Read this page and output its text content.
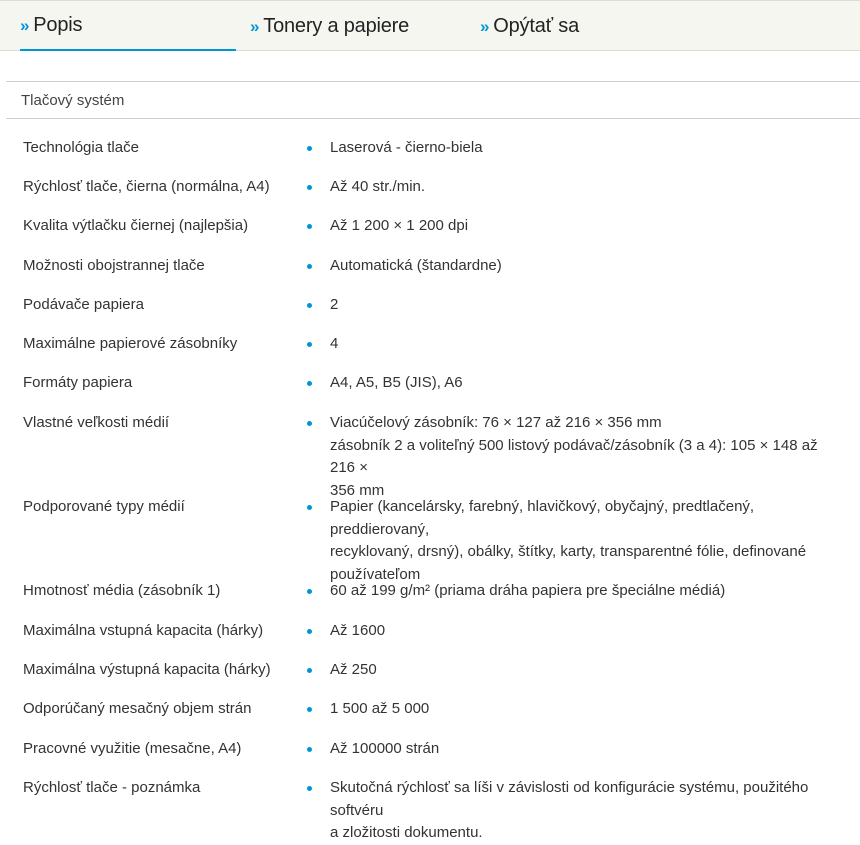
» Popis	» Tonery a papiere	» Opýtať sa
Tlačový systém
Technológia tlače	Laserová - čierno-biela
Rýchlosť tlače, čierna (normálna, A4)	Až 40 str./min.
Kvalita výtlačku čiernej (najlepšia)	Až 1 200 × 1 200 dpi
Možnosti obojstrannej tlače	Automatická (štandardne)
Podávače papiera	2
Maximálne papierové zásobníky	4
Formáty papiera	A4, A5, B5 (JIS), A6
Vlastné veľkosti médií	Viacúčelový zásobník: 76 × 127 až 216 × 356 mm
zásobník 2 a voliteľný 500 listový podávač/zásobník (3 a 4): 105 × 148 až 216 ×
356 mm
Podporované typy médií	Papier (kancelársky, farebný, hlavičkový, obyčajný, predtlačený, preddierovaný,
recyklovaný, drsný), obálky, štítky, karty, transparentné fólie, definované
používateľom
Hmotnosť média (zásobník 1)	60 až 199 g/m² (priama dráha papiera pre špeciálne médiá)
Maximálna vstupná kapacita (hárky)	Až 1600
Maximálna výstupná kapacita (hárky)	Až 250
Odporúčaný mesačný objem strán	1 500 až 5 000
Pracovné využitie (mesačne, A4)	Až 100000 strán
Rýchlosť tlače - poznámka	Skutočná rýchlosť sa líši v závislosti od konfigurácie systému, použitého softvéru
a zložitosti dokumentu.
